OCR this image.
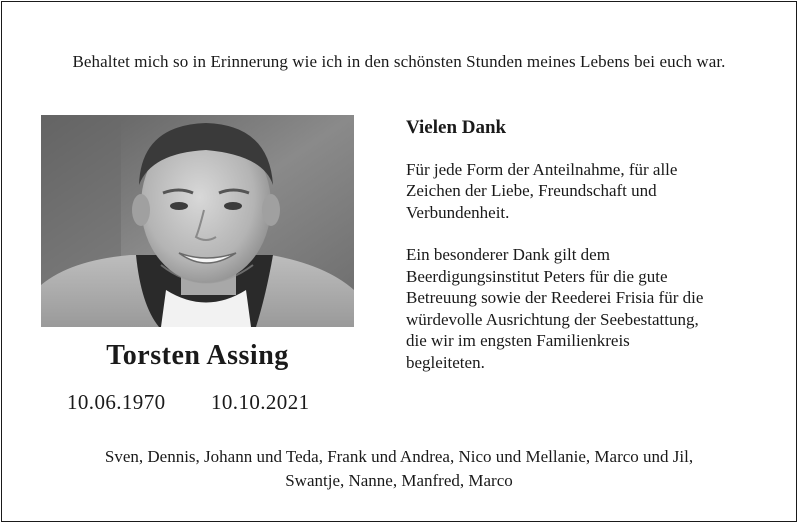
Behaltet mich so in Erinnerung wie ich in den schönsten Stunden meines Lebens bei euch war.
Torsten Assing
10.06.1970 10.10.2021
Vielen Dank

Für jede Form der Anteilnahme, für alle
Zeichen der Liebe, Freundschaft und
Verbundenheit.

Ein besonderer Dank gilt dem
Beerdigungsinstitut Peters für die gute
Betreuung sowie der Reederei Frisia für die
würdevolle Ausrichtung der Seebestattung,
die wir im engsten Familienkreis
begleiteten.

Sven, Dennis, Johann und Teda, Frank und Andrea, Nico und Mellanie, Marco und Jil,
Swantje, Nanne, Manfred, Marco
